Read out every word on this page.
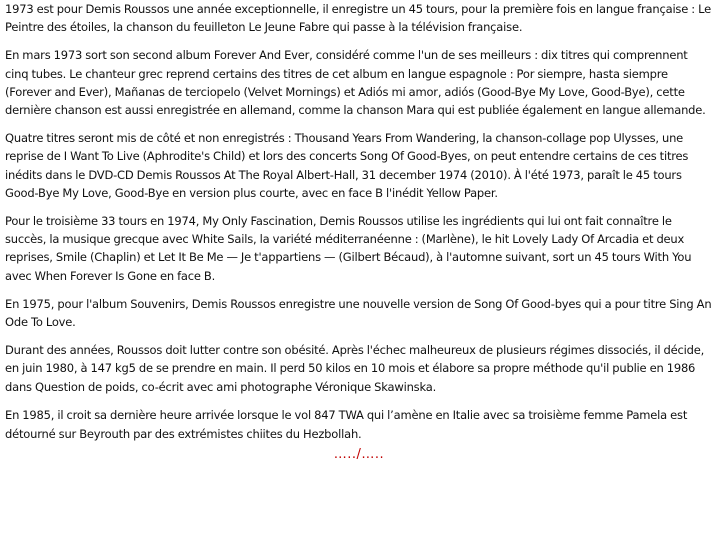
1973 est pour Demis Roussos une année exceptionnelle, il enregistre un 45 tours, pour la première fois en langue française : Le Peintre des étoiles, la chanson du feuilleton Le Jeune Fabre qui passe à la télévision française.

En mars 1973 sort son second album Forever And Ever, considéré comme l'un de ses meilleurs : dix titres qui comprennent cinq tubes. Le chanteur grec reprend certains des titres de cet album en langue espagnole : Por siempre, hasta siempre (Forever and Ever), Mañanas de terciopelo (Velvet Mornings) et Adiós mi amor, adiós (Good-Bye My Love, Good-Bye), cette dernière chanson est aussi enregistrée en allemand, comme la chanson Mara qui est publiée également en langue allemande.

Quatre titres seront mis de côté et non enregistrés : Thousand Years From Wandering, la chanson-collage pop Ulysses, une reprise de I Want To Live (Aphrodite's Child) et lors des concerts Song Of Good-Byes, on peut entendre certains de ces titres inédits dans le DVD-CD Demis Roussos At The Royal Albert-Hall, 31 december 1974 (2010). À l'été 1973, paraît le 45 tours Good-Bye My Love, Good-Bye en version plus courte, avec en face B l'inédit Yellow Paper.

Pour le troisième 33 tours en 1974, My Only Fascination, Demis Roussos utilise les ingrédients qui lui ont fait connaître le succès, la musique grecque avec White Sails, la variété méditerranéenne : (Marlène), le hit Lovely Lady Of Arcadia et deux reprises, Smile (Chaplin) et Let It Be Me — Je t'appartiens — (Gilbert Bécaud), à l'automne suivant, sort un 45 tours With You avec When Forever Is Gone en face B.

En 1975, pour l'album Souvenirs, Demis Roussos enregistre une nouvelle version de Song Of Good-byes qui a pour titre Sing An Ode To Love.

Durant des années, Roussos doit lutter contre son obésité. Après l'échec malheureux de plusieurs régimes dissociés, il décide, en juin 1980, à 147 kg5 de se prendre en main. Il perd 50 kilos en 10 mois et élabore sa propre méthode qu'il publie en 1986 dans Question de poids, co-écrit avec ami photographe Véronique Skawinska.

En 1985, il croit sa dernière heure arrivée lorsque le vol 847 TWA qui l’amène en Italie avec sa troisième femme Pamela est détourné sur Beyrouth par des extrémistes chiites du Hezbollah.

…../…..
